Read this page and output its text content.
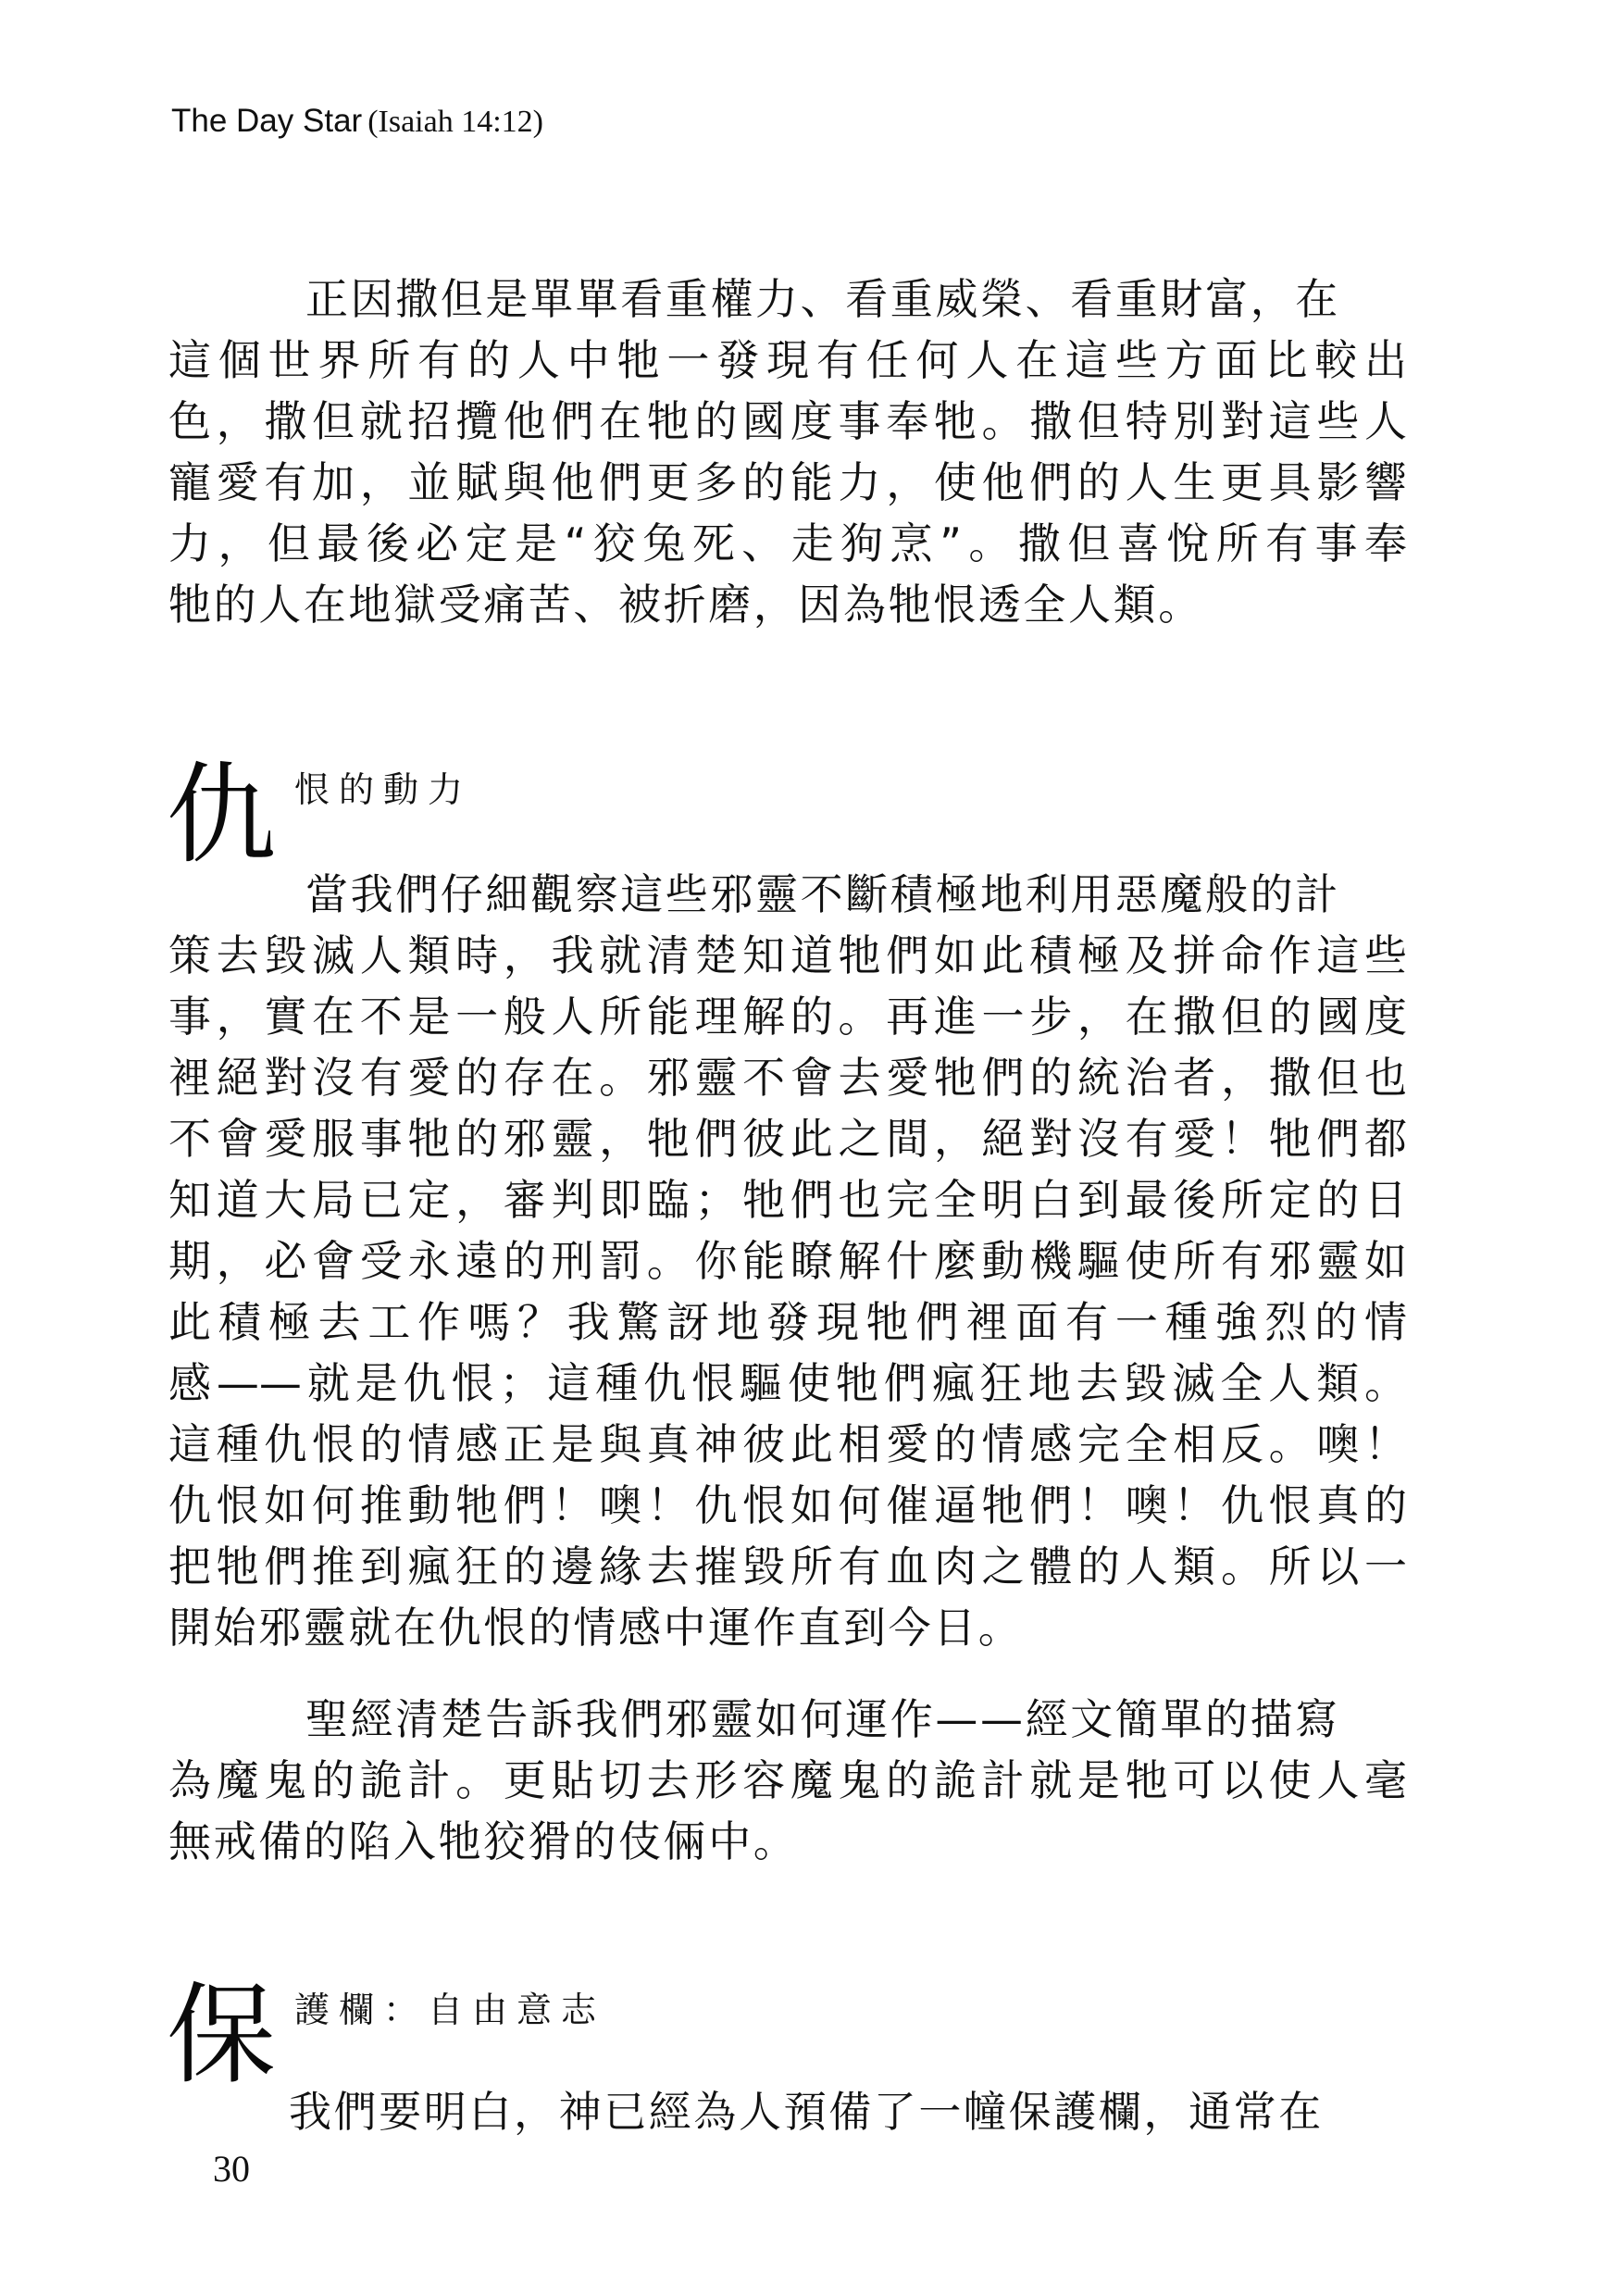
The Day Star (Isaiah 14:12)
正因撒但是單單看重權力、看重威榮、看重財富，在
這個世界所有的人中牠一發現有任何人在這些方面比較出
色，撒但就招攬他們在牠的國度事奉牠。撒但特別對這些人
寵愛有加，並賦與他們更多的能力，使他們的人生更具影響
力，但最後必定是“狡兔死、走狗烹”。撒但喜悅所有事奉
牠的人在地獄受痛苦、被折磨，因為牠恨透全人類。
仇 恨的動力
當我們仔細觀察這些邪靈不斷積極地利用惡魔般的計
策去毀滅人類時，我就清楚知道牠們如此積極及拼命作這些
事，實在不是一般人所能理解的。再進一步，在撒但的國度
裡絕對沒有愛的存在。邪靈不會去愛牠們的統治者，撒但也
不會愛服事牠的邪靈，牠們彼此之間，絕對沒有愛！牠們都
知道大局已定，審判即臨；牠們也完全明白到最後所定的日
期，必會受永遠的刑罰。你能瞭解什麼動機驅使所有邪靈如
此積極去工作嗎？我驚訝地發現牠們裡面有一種強烈的情
感——就是仇恨；這種仇恨驅使牠們瘋狂地去毀滅全人類。
這種仇恨的情感正是與真神彼此相愛的情感完全相反。噢！
仇恨如何推動牠們！噢！仇恨如何催逼牠們！噢！仇恨真的
把牠們推到瘋狂的邊緣去摧毀所有血肉之體的人類。所以一
開始邪靈就在仇恨的情感中運作直到今日。
聖經清楚告訴我們邪靈如何運作——經文簡單的描寫
為魔鬼的詭計。更貼切去形容魔鬼的詭計就是牠可以使人毫
無戒備的陷入牠狡猾的伎倆中。
保 護欄：自由意志
我們要明白，神已經為人預備了一幢保護欄，通常在
30
